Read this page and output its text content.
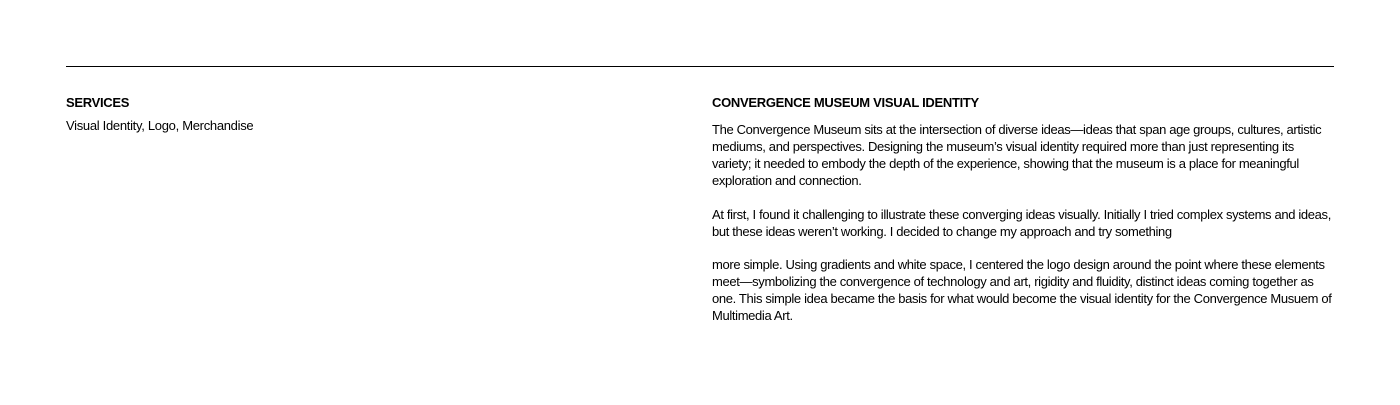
SERVICES

Visual Identity, Logo, Merchandise

CONVERGENCE MUSEUM VISUAL IDENTITY

The Convergence Museum sits at the intersection of diverse ideas—ideas that span age groups, cultures, artistic mediums, and perspectives. Designing the museum’s visual identity required more than just representing its variety; it needed to embody the depth of the experience, showing that the museum is a place for meaningful exploration and connection.

At first, I found it challenging to illustrate these converging ideas visually. Initially I tried complex systems and ideas, but these ideas weren’t working. I decided to change my approach and try something

more simple. Using gradients and white space, I centered the logo design around the point where these elements meet—symbolizing the convergence of technology and art, rigidity and fluidity, distinct ideas coming together as one. This simple idea became the basis for what would become the visual identity for the Convergence Musuem of Multimedia Art.
